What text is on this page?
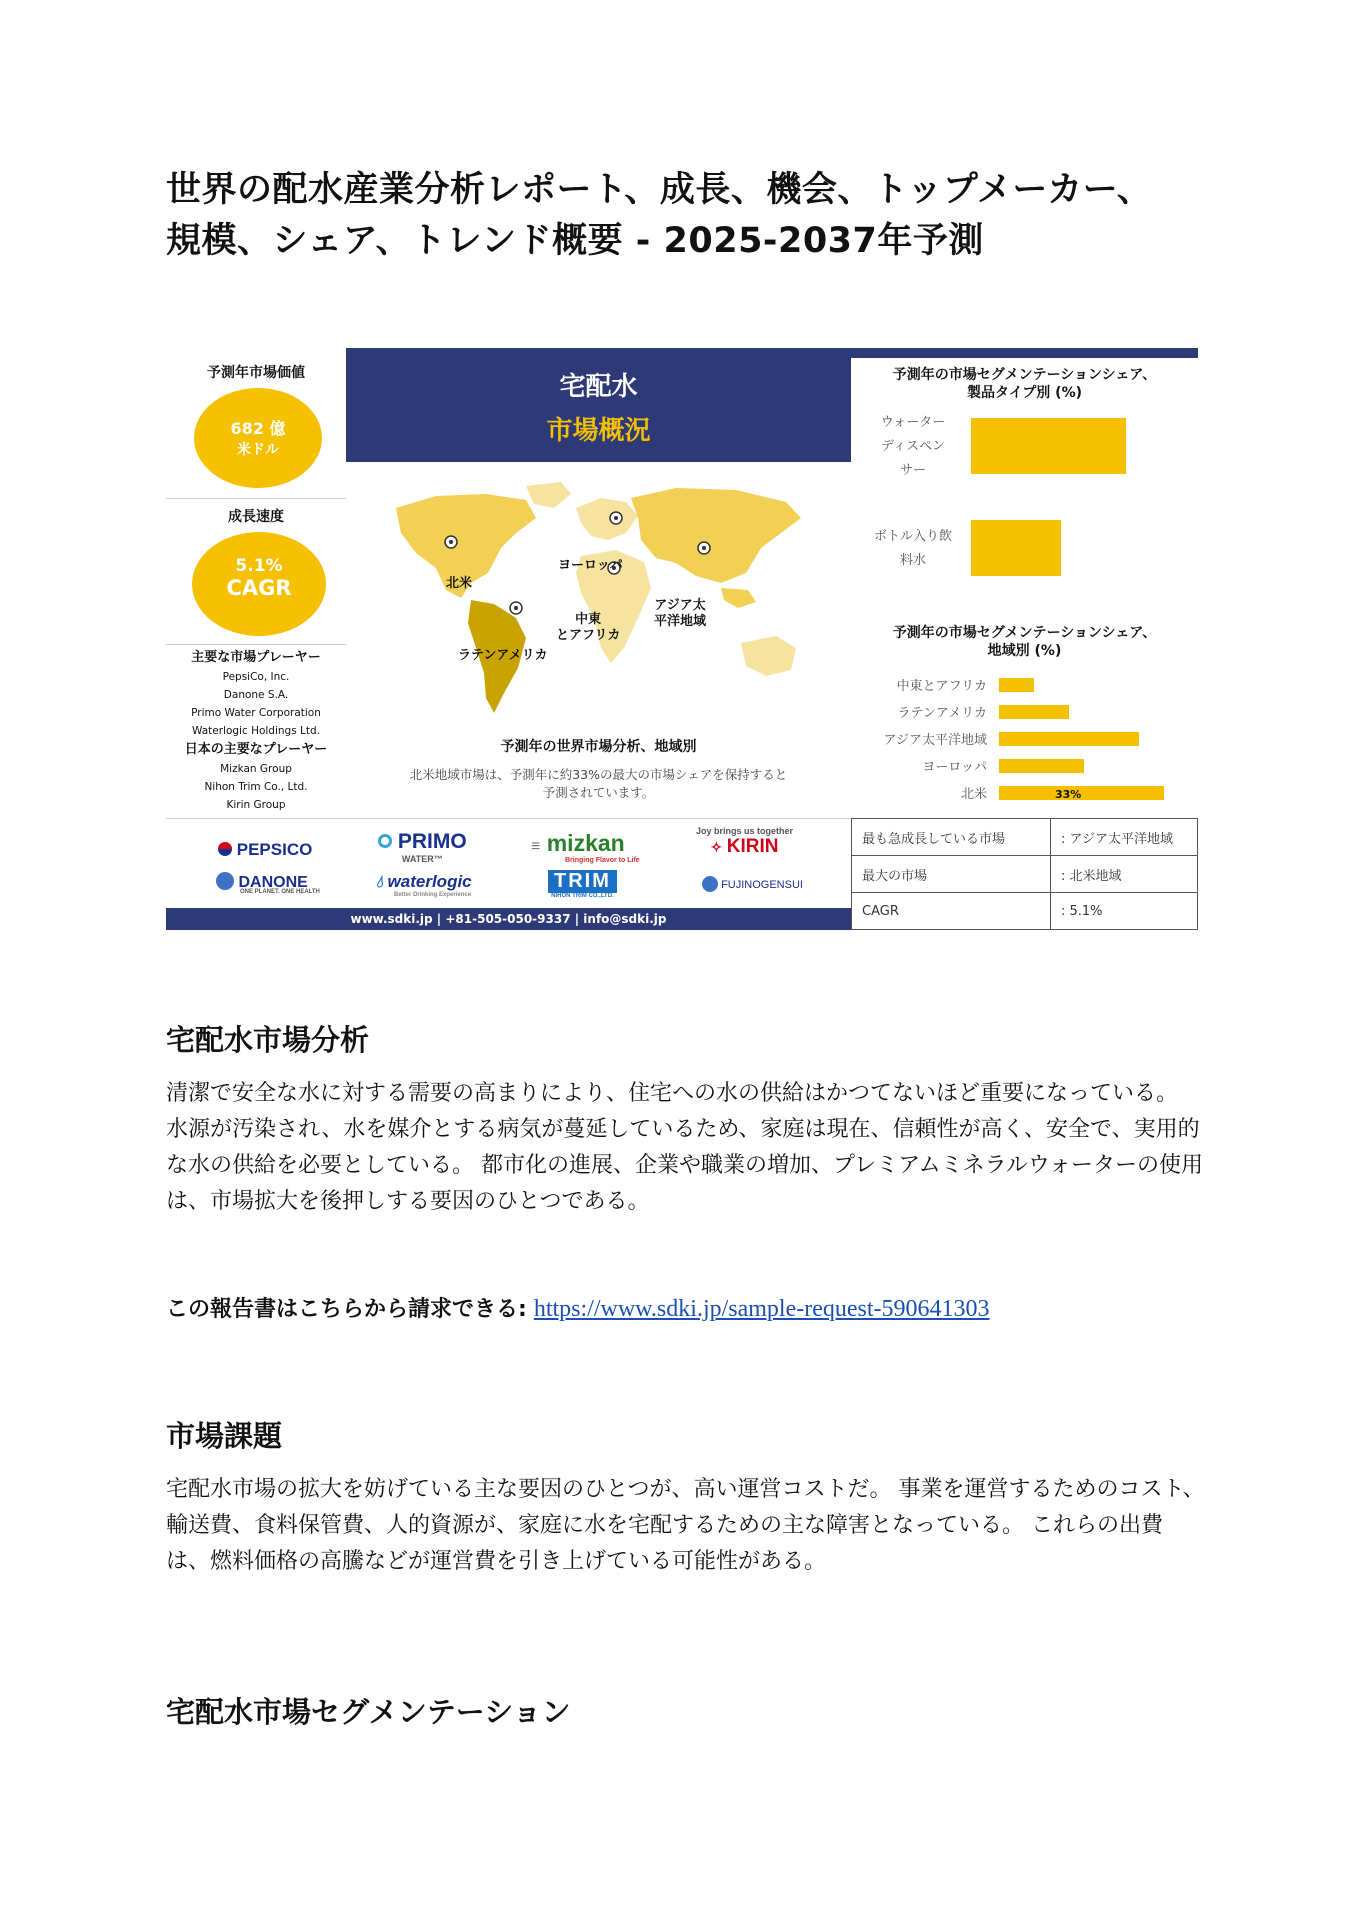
世界の配水産業分析レポート、成長、機会、トップメーカー、
規模、シェア、トレンド概要 - 2025-2037年予測
予測年市場価値
682 億
米ドル
成長速度
5.1%
CAGR
主要な市場プレーヤー
PepsiCo, Inc.
Danone S.A.
Primo Water Corporation
Waterlogic Holdings Ltd.
日本の主要なプレーヤー
Mizkan Group
Nihon Trim Co., Ltd.
Kirin Group
宅配水
市場概況
北米
ヨーロッパ
中東
とアフリカ
アジア太
平洋地域
ラテンアメリカ
予測年の世界市場分析、地域別
北米地域市場は、予測年に約33%の最大の市場シェアを保持すると
予測されています。
予測年の市場セグメンテーションシェア、
製品タイプ別 (%)
ウォーターディスペンサー
ボトル入り飲料水
予測年の市場セグメンテーションシェア、
地域別 (%)
中東とアフリカ
ラテンアメリカ
アジア太平洋地域
ヨーロッパ
北米	33%
PEPSICO	PRIMO
WATER™
≡ mizkan
Bringing Flavor to Life
Joy brings us together
✧ KIRIN
DANONE
ONE PLANET. ONE HEALTH
💧︎ waterlogic
Better Drinking Experience
TRIM
NIHON TRIM CO.,LTD.
FUJINOGENSUI
www.sdki.jp | +81-505-050-9337 | info@sdki.jp
最も急成長している市場	: アジア太平洋地域
最大の市場	: 北米地域
CAGR	: 5.1%
宅配水市場分析

清潔で安全な水に対する需要の高まりにより、住宅への水の供給はかつてないほど重要になっている。 水源が汚染され、水を媒介とする病気が蔓延しているため、家庭は現在、信頼性が高く、安全で、実用的な水の供給を必要としている。 都市化の進展、企業や職業の増加、プレミアムミネラルウォーターの使用は、市場拡大を後押しする要因のひとつである。

この報告書はこちらから請求できる: https://www.sdki.jp/sample-request-590641303
市場課題

宅配水市場の拡大を妨げている主な要因のひとつが、高い運営コストだ。 事業を運営するためのコスト、輸送費、食料保管費、人的資源が、家庭に水を宅配するための主な障害となっている。 これらの出費は、燃料価格の高騰などが運営費を引き上げている可能性がある。

宅配水市場セグメンテーション
